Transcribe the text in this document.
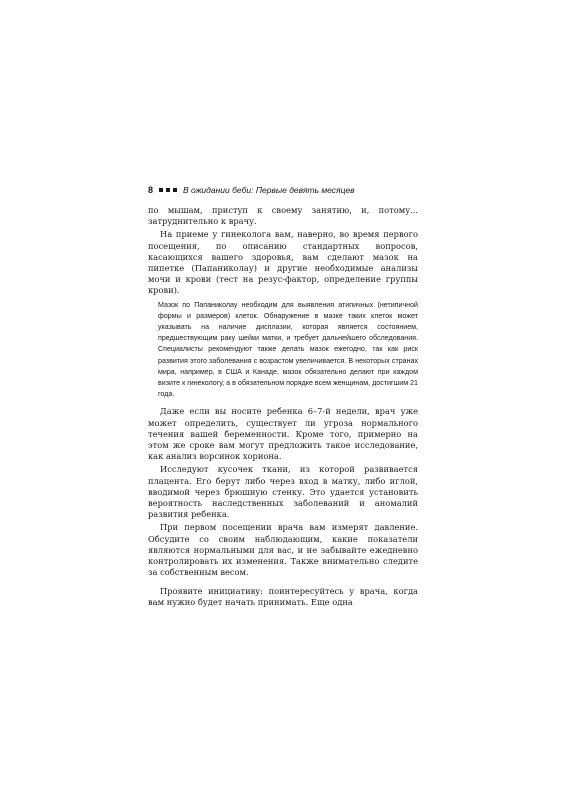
8	В ожидании беби: Первые девять месяцев

по мышам, приступ к своему занятию, и, потому... затруднительно к врачу.

На приеме у гинеколога вам, наверно, во время первого посещения, по описанию стандартных вопросов, касающихся вашего здоровья, вам сделают мазок на пипетке (Папаниколау) и другие необходимые анализы мочи и крови (тест на резус-фактор, определение группы крови).

Мазок по Папаниколау необходим для выявления атипичных (нетипичной формы и размеров) клеток. Обнаружение в мазке таких клеток может указывать на наличие дисплазии, которая является состоянием, предшествующим раку шейки матки, и требует дальнейшего обследования. Специалисты рекомендуют также делать мазок ежегодно, так как риск развития этого заболевания с возрастом увеличивается. В некоторых странах мира, например, в США и Канаде, мазок обязательно делают при каждом визите к гинекологу, а в обязательном порядке всем женщинам, достигшим 21 года.

Даже если вы носите ребенка 6–7-й недели, врач уже может определить, существует ли угроза нормального течения вашей беременности. Кроме того, примерно на этом же сроке вам могут предложить такое исследование, как анализ ворсинок хориона.

Исследуют кусочек ткани, из которой развивается плацента. Его берут либо через вход в матку, либо иглой, вводимой через брюшную стенку. Это удается установить вероятность наследственных заболеваний и аномалий развития ребенка.

При первом посещении врача вам измерят давление. Обсудите со своим наблюдающим, какие показатели являются нормальными для вас, и не забывайте ежедневно контролировать их изменения. Также внимательно следите за собственным весом.

Проявите инициативу: поинтересуйтесь у врача, когда вам нужно будет начать принимать. Еще одна
